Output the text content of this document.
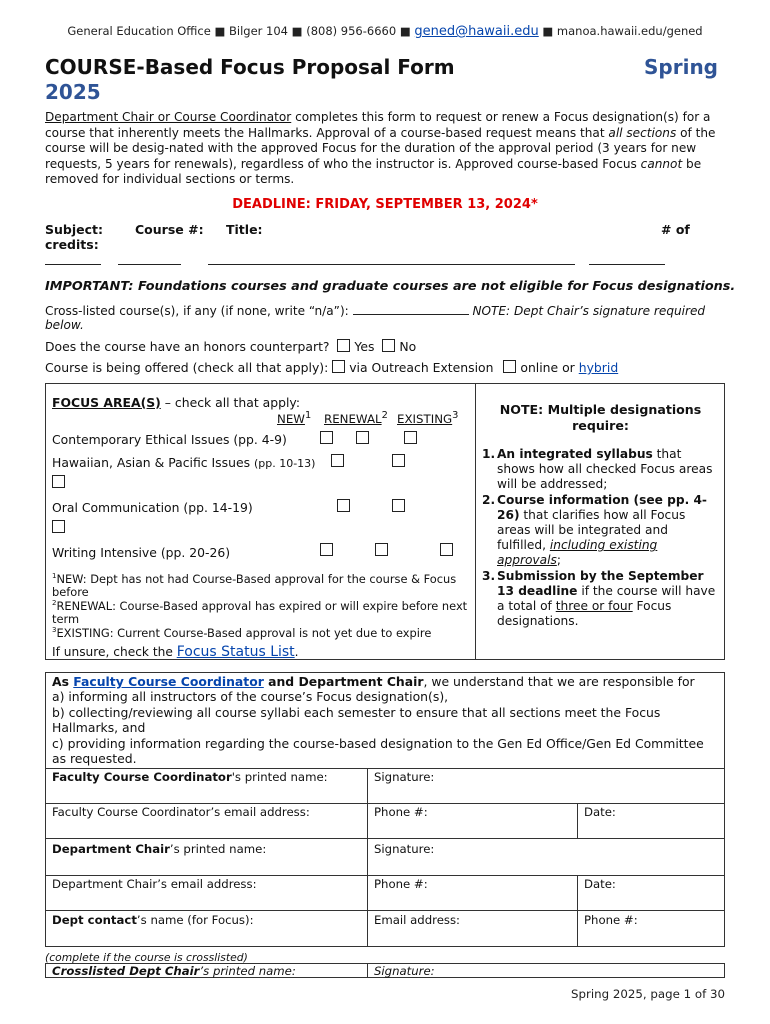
General Education Office ■ Bilger 104 ■ (808) 956-6660 ■ gened@hawaii.edu ■ manoa.hawaii.edu/gened
COURSE-Based Focus Proposal Form	Spring
2025
Department Chair or Course Coordinator completes this form to request or renew a Focus designation(s) for a course that inherently meets the Hallmarks. Approval of a course-based request means that all sections of the course will be desig-nated with the approved Focus for the duration of the approval period (3 years for new requests, 5 years for renewals), regardless of who the instructor is. Approved course-based Focus cannot be removed for individual sections or terms.
DEADLINE: FRIDAY, SEPTEMBER 13, 2024*
Subject:	Course #: Title:	# of
credits:
IMPORTANT: Foundations courses and graduate courses are not eligible for Focus designations.
Cross-listed course(s), if any (if none, write “n/a”):	NOTE: Dept Chair’s signature required below.
Does the course have an honors counterpart? Yes No
Course is being offered (check all that apply): via Outreach Extension online or hybrid
FOCUS AREA(S) – check all that apply:
NEW$^1$ RENEWAL$^2$ EXISTING$^3$
Contemporary Ethical Issues (pp. 4-9)
Hawaiian, Asian & Pacific Issues (pp. 10-13)
Oral Communication (pp. 14-19)
Writing Intensive (pp. 20-26)
$^1$NEW: Dept has not had Course-Based approval for the course & Focus before
$^2$RENEWAL: Course-Based approval has expired or will expire before next term
$^3$EXISTING: Current Course-Based approval is not yet due to expire
If unsure, check the Focus Status List.
NOTE: Multiple designations require:
1. An integrated syllabus that shows how all checked Focus areas will be addressed;
2. Course information (see pp. 4-26) that clarifies how all Focus areas will be integrated and fulfilled, including existing approvals;
3. Submission by the September 13 deadline if the course will have a total of three or four Focus designations.
As Faculty Course Coordinator and Department Chair, we understand that we are responsible for
a) informing all instructors of the course’s Focus designation(s),
b) collecting/reviewing all course syllabi each semester to ensure that all sections meet the Focus Hallmarks, and
c) providing information regarding the course-based designation to the Gen Ed Office/Gen Ed Committee as requested.
Faculty Course Coordinator's printed name:	Signature:
Faculty Course Coordinator’s email address:	Phone #:	Date:
Department Chair’s printed name:	Signature:
Department Chair’s email address:	Phone #:	Date:
Dept contact’s name (for Focus):	Email address:	Phone #:
(complete if the course is crosslisted)
Crosslisted Dept Chair’s printed name:	Signature:
Spring 2025, page 1 of 30
